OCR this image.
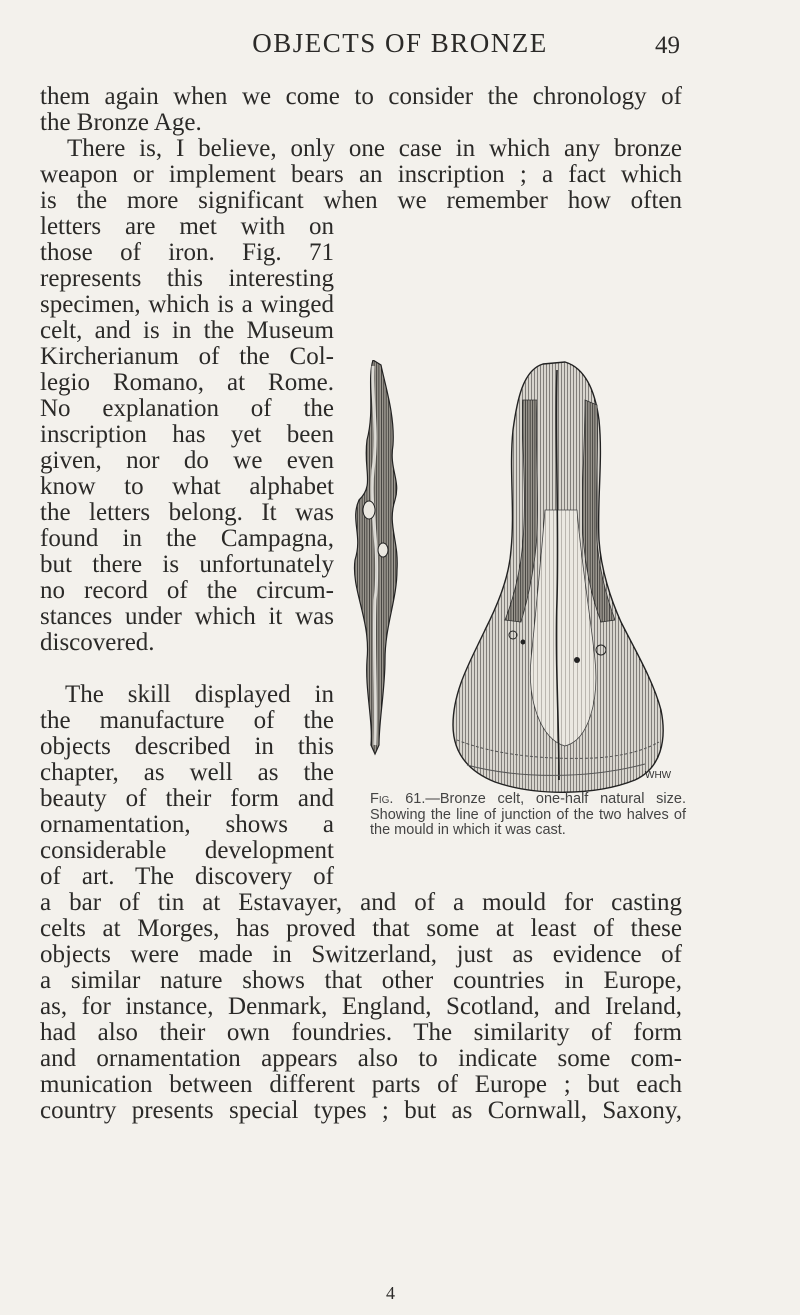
OBJECTS OF BRONZE	49
them again when we come to consider the chronology of
the Bronze Age.
There is, I believe, only one case in which any bronze
weapon or implement bears an inscription ; a fact which
is the more significant when we remember how often
letters are met with on
those of iron. Fig. 71
represents this interesting
specimen, which is a winged
celt, and is in the Museum
Kircherianum of the Col-
legio Romano, at Rome.
No explanation of the
inscription has yet been
given, nor do we even
know to what alphabet
the letters belong. It was
found in the Campagna,
but there is unfortunately
no record of the circum-
stances under which it was
discovered.
The skill displayed in
the manufacture of the
objects described in this
chapter, as well as the
beauty of their form and
ornamentation, shows a
considerable development
of art. The discovery of
a bar of tin at Estavayer, and of a mould for casting
celts at Morges, has proved that some at least of these
objects were made in Switzerland, just as evidence of
a similar nature shows that other countries in Europe,
as, for instance, Denmark, England, Scotland, and Ireland,
had also their own foundries. The similarity of form
and ornamentation appears also to indicate some com-
munication between different parts of Europe ; but each
country presents special types ; but as Cornwall, Saxony,
WHW
Fig. 61.—Bronze celt, one-half natural size. Showing the line of junction of the two halves of the mould in which it was cast.
4
